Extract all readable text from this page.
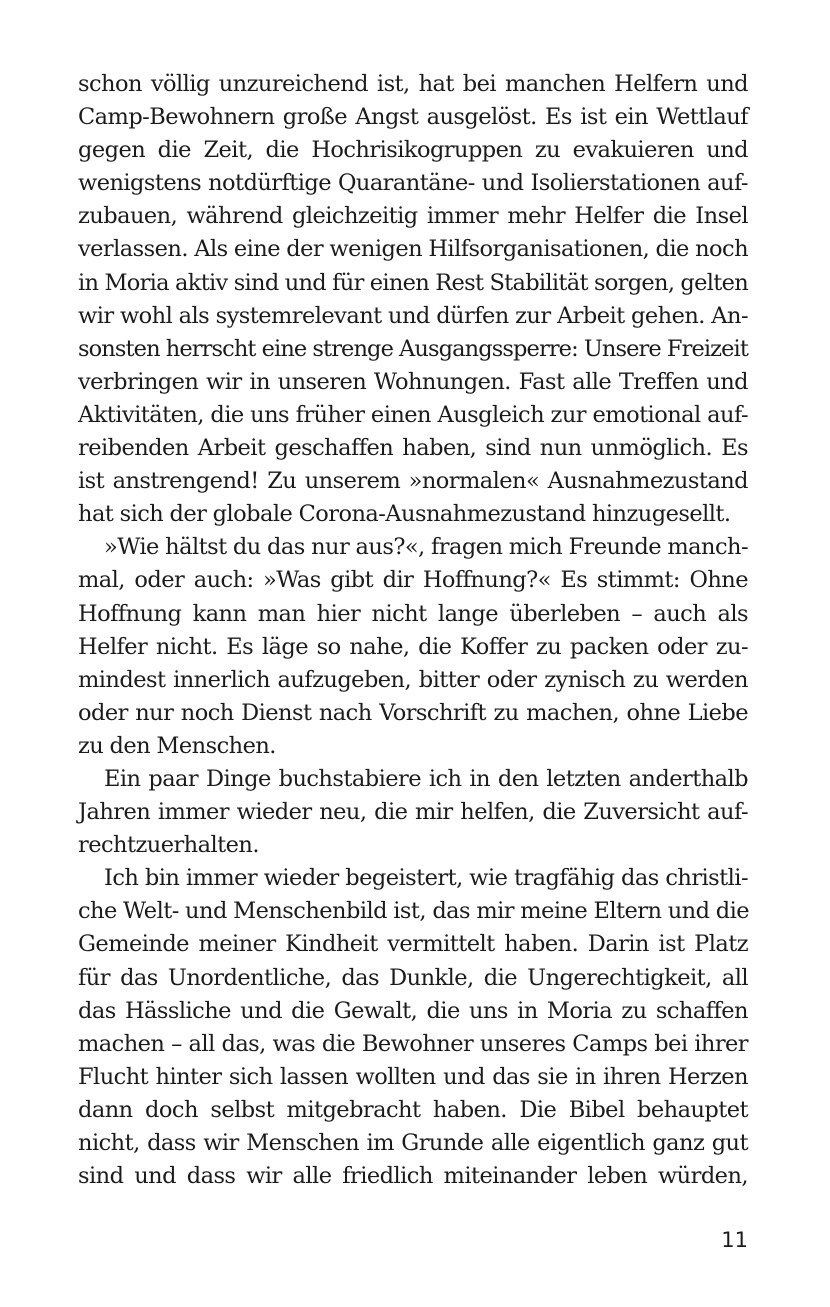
schon völlig unzureichend ist, hat bei manchen Helfern und
Camp-Bewohnern große Angst ausgelöst. Es ist ein Wettlauf
gegen die Zeit, die Hochrisikogruppen zu evakuieren und
wenigstens notdürftige Quarantäne- und Isolierstationen auf-
zubauen, während gleichzeitig immer mehr Helfer die Insel
verlassen. Als eine der wenigen Hilfsorganisationen, die noch
in Moria aktiv sind und für einen Rest Stabilität sorgen, gelten
wir wohl als systemrelevant und dürfen zur Arbeit gehen. An-
sonsten herrscht eine strenge Ausgangssperre: Unsere Freizeit
verbringen wir in unseren Wohnungen. Fast alle Treffen und
Aktivitäten, die uns früher einen Ausgleich zur emotional auf-
reibenden Arbeit geschaffen haben, sind nun unmöglich. Es
ist anstrengend! Zu unserem »normalen« Ausnahmezustand
hat sich der globale Corona-Ausnahmezustand hinzugesellt.
»Wie hältst du das nur aus?«, fragen mich Freunde manch-
mal, oder auch: »Was gibt dir Hoffnung?« Es stimmt: Ohne
Hoffnung kann man hier nicht lange überleben – auch als
Helfer nicht. Es läge so nahe, die Koffer zu packen oder zu-
mindest innerlich aufzugeben, bitter oder zynisch zu werden
oder nur noch Dienst nach Vorschrift zu machen, ohne Liebe
zu den Menschen.
Ein paar Dinge buchstabiere ich in den letzten anderthalb
Jahren immer wieder neu, die mir helfen, die Zuversicht auf-
rechtzuerhalten.
Ich bin immer wieder begeistert, wie tragfähig das christli-
che Welt- und Menschenbild ist, das mir meine Eltern und die
Gemeinde meiner Kindheit vermittelt haben. Darin ist Platz
für das Unordentliche, das Dunkle, die Ungerechtigkeit, all
das Hässliche und die Gewalt, die uns in Moria zu schaffen
machen – all das, was die Bewohner unseres Camps bei ihrer
Flucht hinter sich lassen wollten und das sie in ihren Herzen
dann doch selbst mitgebracht haben. Die Bibel behauptet
nicht, dass wir Menschen im Grunde alle eigentlich ganz gut
sind und dass wir alle friedlich miteinander leben würden,
11
